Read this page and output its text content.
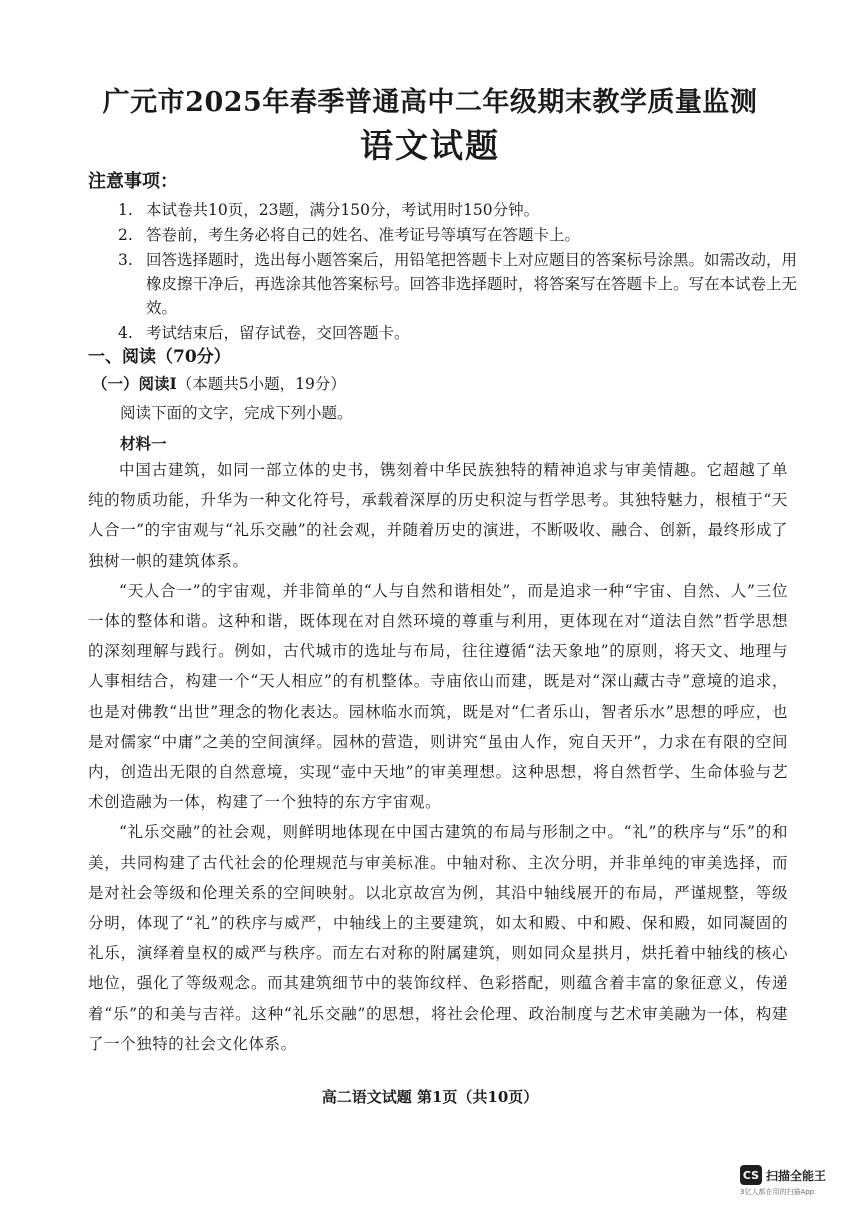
广元市2025年春季普通高中二年级期末教学质量监测
语文试题
注意事项：
1. 本试卷共10页，23题，满分150分，考试用时150分钟。
2. 答卷前，考生务必将自己的姓名、准考证号等填写在答题卡上。
3. 回答选择题时，选出每小题答案后，用铅笔把答题卡上对应题目的答案标号涂黑。如需改动，用橡皮擦干净后，再选涂其他答案标号。回答非选择题时，将答案写在答题卡上。写在本试卷上无效。
4. 考试结束后，留存试卷，交回答题卡。
一、阅读（70分）
（一）阅读Ⅰ（本题共5小题，19分）
阅读下面的文字，完成下列小题。
材料一

中国古建筑，如同一部立体的史书，镌刻着中华民族独特的精神追求与审美情趣。它超越了单纯的物质功能，升华为一种文化符号，承载着深厚的历史积淀与哲学思考。其独特魅力，根植于“天人合一”的宇宙观与“礼乐交融”的社会观，并随着历史的演进，不断吸收、融合、创新，最终形成了独树一帜的建筑体系。

“天人合一”的宇宙观，并非简单的“人与自然和谐相处”，而是追求一种“宇宙、自然、人”三位一体的整体和谐。这种和谐，既体现在对自然环境的尊重与利用，更体现在对“道法自然”哲学思想的深刻理解与践行。例如，古代城市的选址与布局，往往遵循“法天象地”的原则，将天文、地理与人事相结合，构建一个“天人相应”的有机整体。寺庙依山而建，既是对“深山藏古寺”意境的追求，也是对佛教“出世”理念的物化表达。园林临水而筑，既是对“仁者乐山，智者乐水”思想的呼应，也是对儒家“中庸”之美的空间演绎。园林的营造，则讲究“虽由人作，宛自天开”，力求在有限的空间内，创造出无限的自然意境，实现“壶中天地”的审美理想。这种思想，将自然哲学、生命体验与艺术创造融为一体，构建了一个独特的东方宇宙观。

“礼乐交融”的社会观，则鲜明地体现在中国古建筑的布局与形制之中。“礼”的秩序与“乐”的和美，共同构建了古代社会的伦理规范与审美标准。中轴对称、主次分明，并非单纯的审美选择，而是对社会等级和伦理关系的空间映射。以北京故宫为例，其沿中轴线展开的布局，严谨规整，等级分明，体现了“礼”的秩序与威严，中轴线上的主要建筑，如太和殿、中和殿、保和殿，如同凝固的礼乐，演绎着皇权的威严与秩序。而左右对称的附属建筑，则如同众星拱月，烘托着中轴线的核心地位，强化了等级观念。而其建筑细节中的装饰纹样、色彩搭配，则蕴含着丰富的象征意义，传递着“乐”的和美与吉祥。这种“礼乐交融”的思想，将社会伦理、政治制度与艺术审美融为一体，构建了一个独特的社会文化体系。

高二语文试题 第1页（共10页）
CS 扫描全能王
3亿人都在用的扫描App
